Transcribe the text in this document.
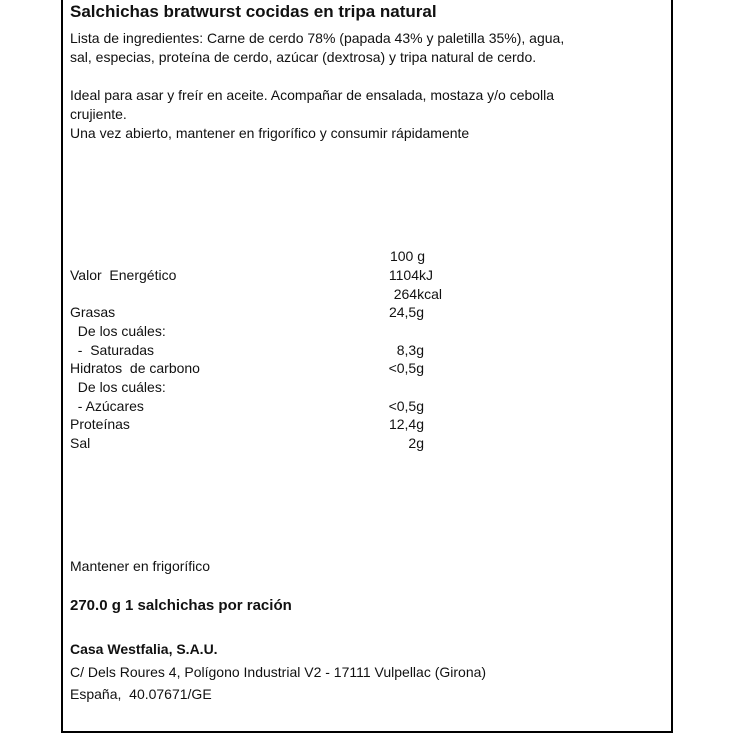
Salchichas bratwurst cocidas en tripa natural
Lista de ingredientes: Carne de cerdo 78% (papada 43% y paletilla 35%), agua,
sal, especias, proteína de cerdo, azúcar (dextrosa) y tripa natural de cerdo.
Ideal para asar y freír en aceite. Acompañar de ensalada, mostaza y/o cebolla
crujiente.
Una vez abierto, mantener en frigorífico y consumir rápidamente
100 g
Valor  Energético	1104kJ
264kcal
Grasas	24,5g
De los cuáles:
-  Saturadas	8,3g
Hidratos  de carbono	<0,5g
De los cuáles:
- Azúcares	<0,5g
Proteínas	12,4g
Sal	2g
Mantener en frigorífico
270.0 g 1 salchichas por ración
Casa Westfalia, S.A.U.
C/ Dels Roures 4, Polígono Industrial V2 - 17111 Vulpellac (Girona)
España,  40.07671/GE
